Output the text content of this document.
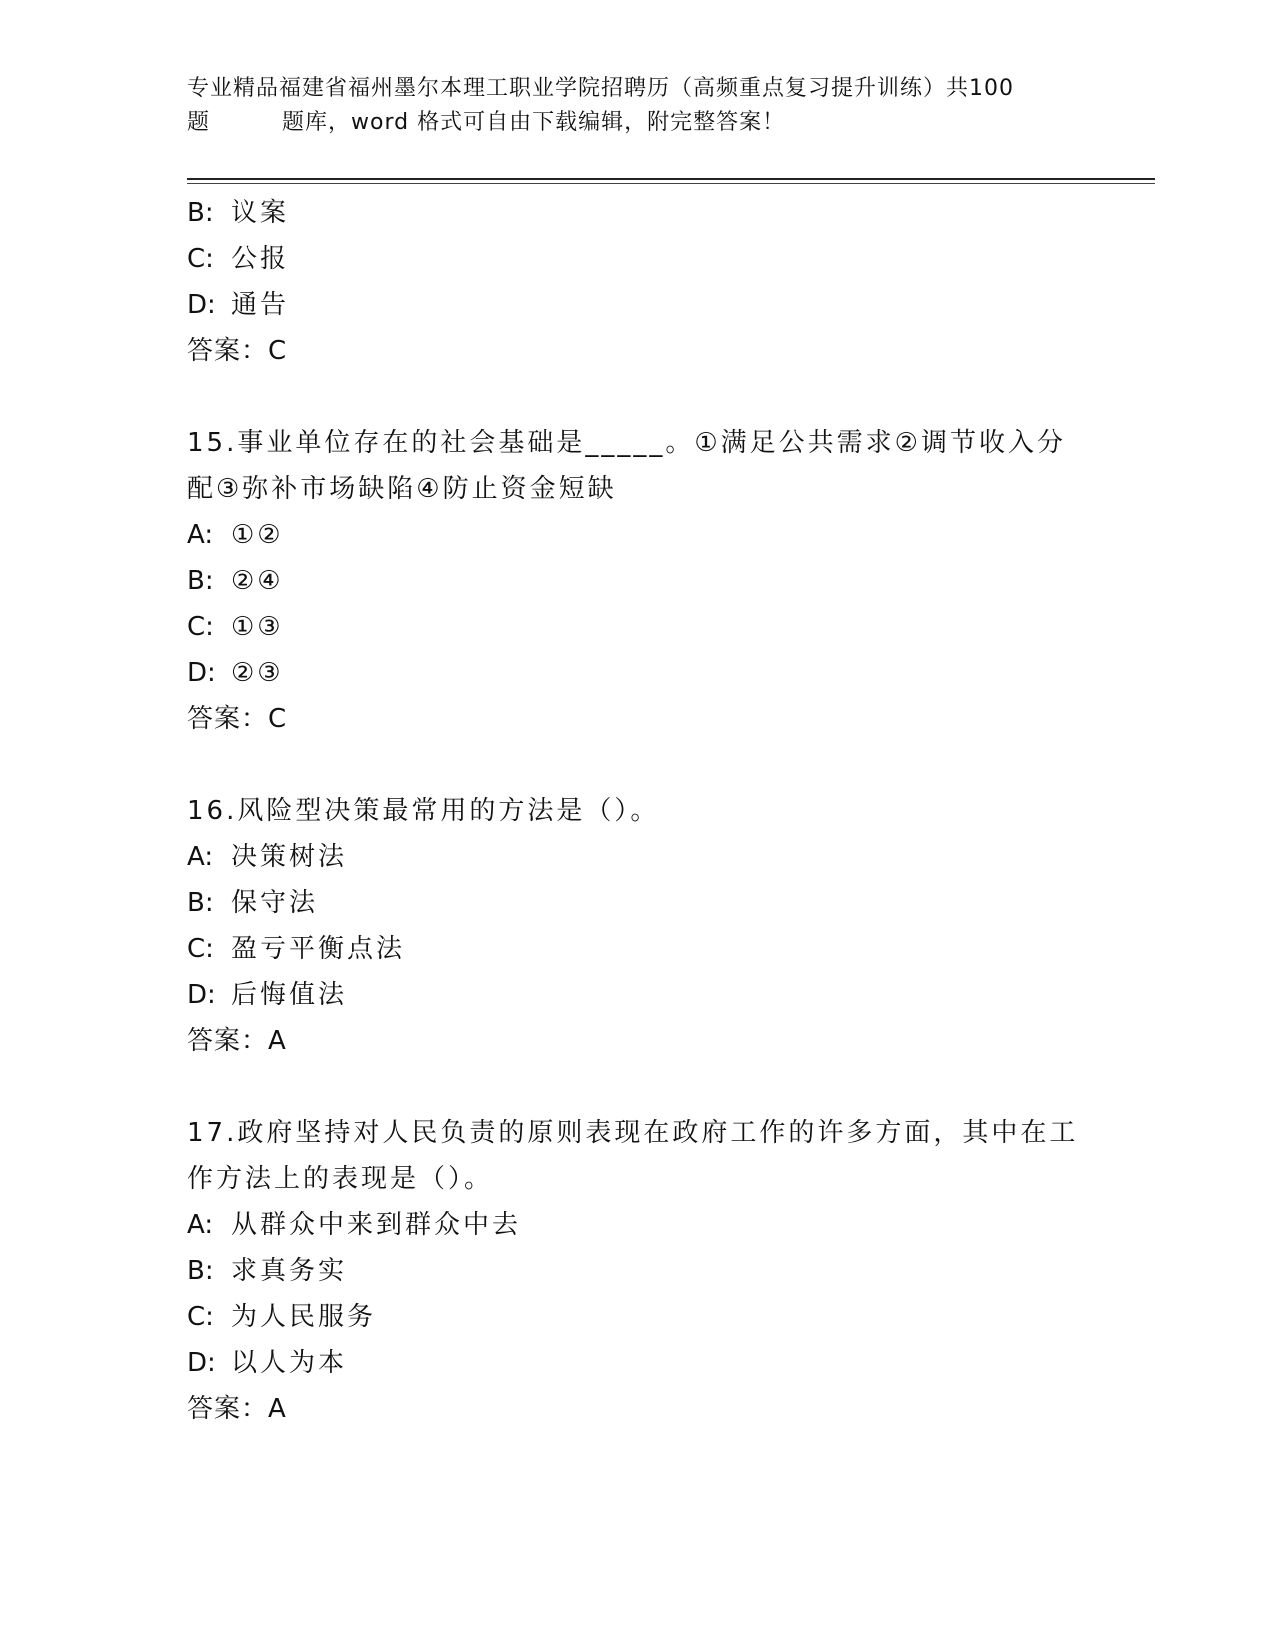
专业精品福建省福州墨尔本理工职业学院招聘历（高频重点复习提升训练）共100
题	题库，word 格式可自由下载编辑，附完整答案！
B: 议案
C: 公报
D: 通告
答案：C
15.事业单位存在的社会基础是_____。①满足公共需求②调节收入分
配③弥补市场缺陷④防止资金短缺
A: ①②
B: ②④
C: ①③
D: ②③
答案：C
16.风险型决策最常用的方法是（）。
A: 决策树法
B: 保守法
C: 盈亏平衡点法
D: 后悔值法
答案：A
17.政府坚持对人民负责的原则表现在政府工作的许多方面，其中在工
作方法上的表现是（）。
A: 从群众中来到群众中去
B: 求真务实
C: 为人民服务
D: 以人为本
答案：A
